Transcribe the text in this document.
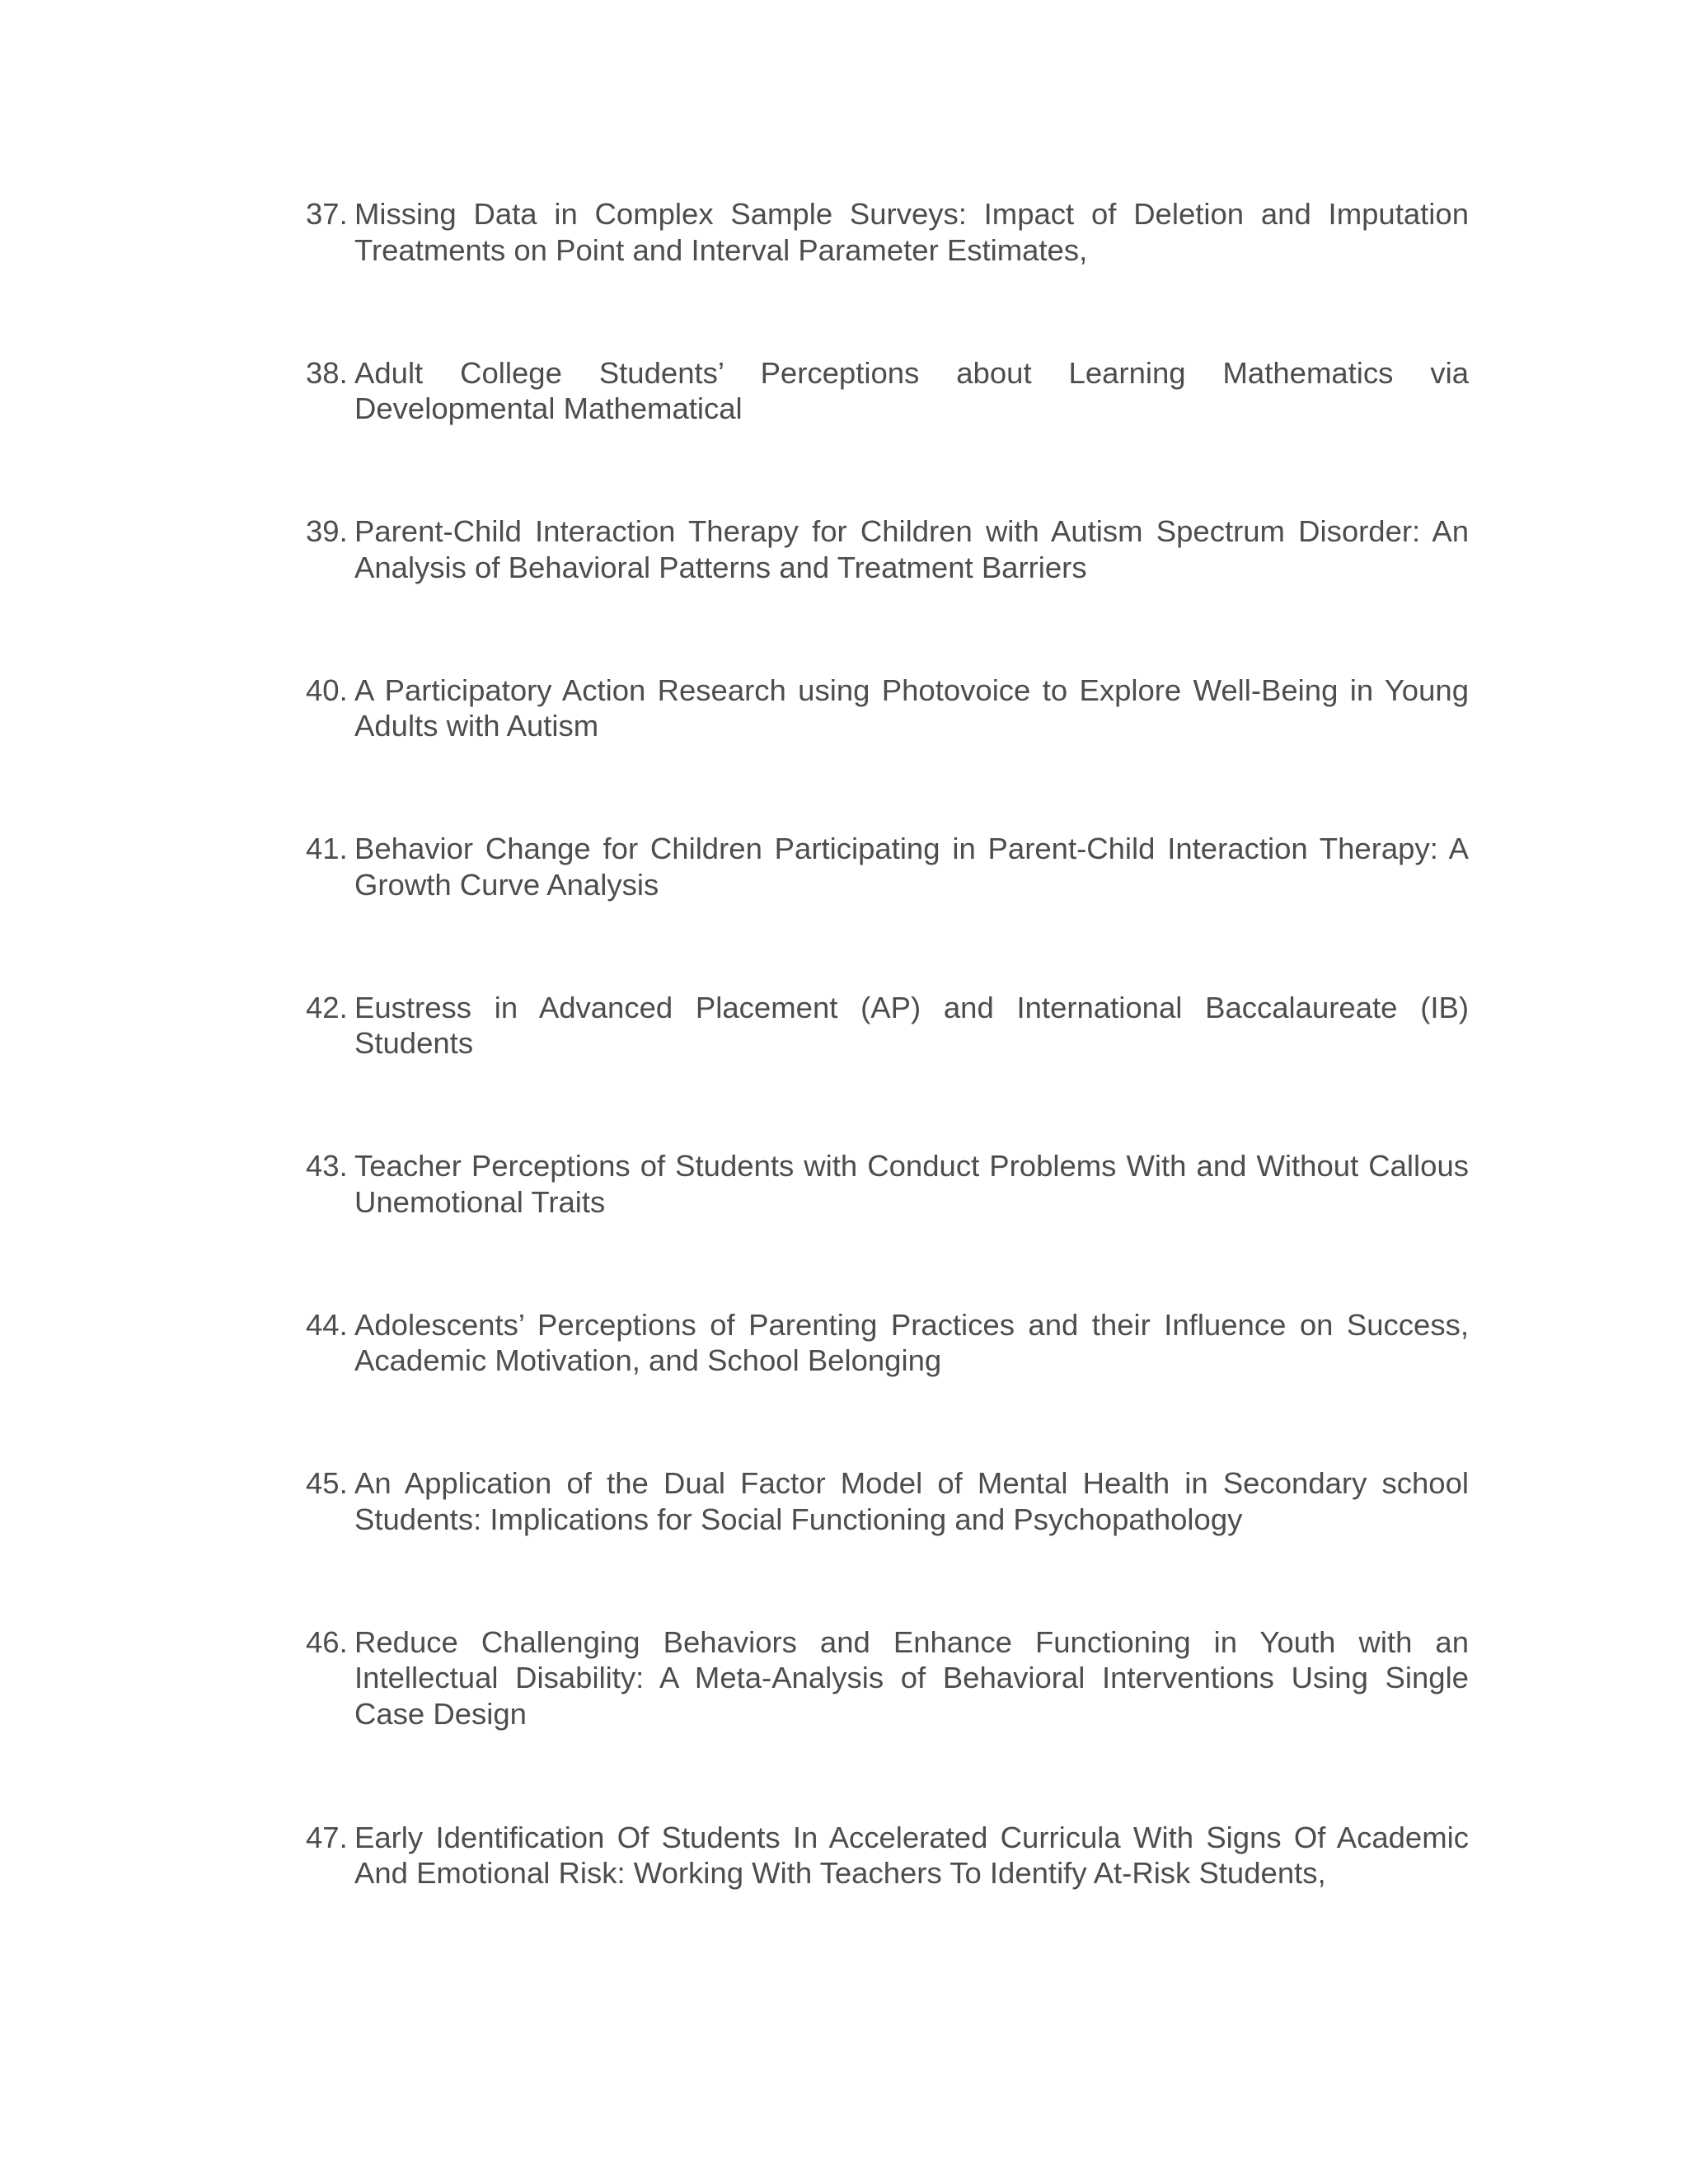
37. Missing Data in Complex Sample Surveys: Impact of Deletion and Imputation Treatments on Point and Interval Parameter Estimates,
38. Adult College Students’ Perceptions about Learning Mathematics via Developmental Mathematical
39. Parent-Child Interaction Therapy for Children with Autism Spectrum Disorder: An Analysis of Behavioral Patterns and Treatment Barriers
40. A Participatory Action Research using Photovoice to Explore Well-Being in Young Adults with Autism
41. Behavior Change for Children Participating in Parent-Child Interaction Therapy: A Growth Curve Analysis
42. Eustress in Advanced Placement (AP) and International Baccalaureate (IB) Students
43. Teacher Perceptions of Students with Conduct Problems With and Without Callous Unemotional Traits
44. Adolescents’ Perceptions of Parenting Practices and their Influence on Success, Academic Motivation, and School Belonging
45. An Application of the Dual Factor Model of Mental Health in Secondary school Students: Implications for Social Functioning and Psychopathology
46. Reduce Challenging Behaviors and Enhance Functioning in Youth with an Intellectual Disability: A Meta-Analysis of Behavioral Interventions Using Single Case Design
47. Early Identification Of Students In Accelerated Curricula With Signs Of Academic And Emotional Risk: Working With Teachers To Identify At-Risk Students,
